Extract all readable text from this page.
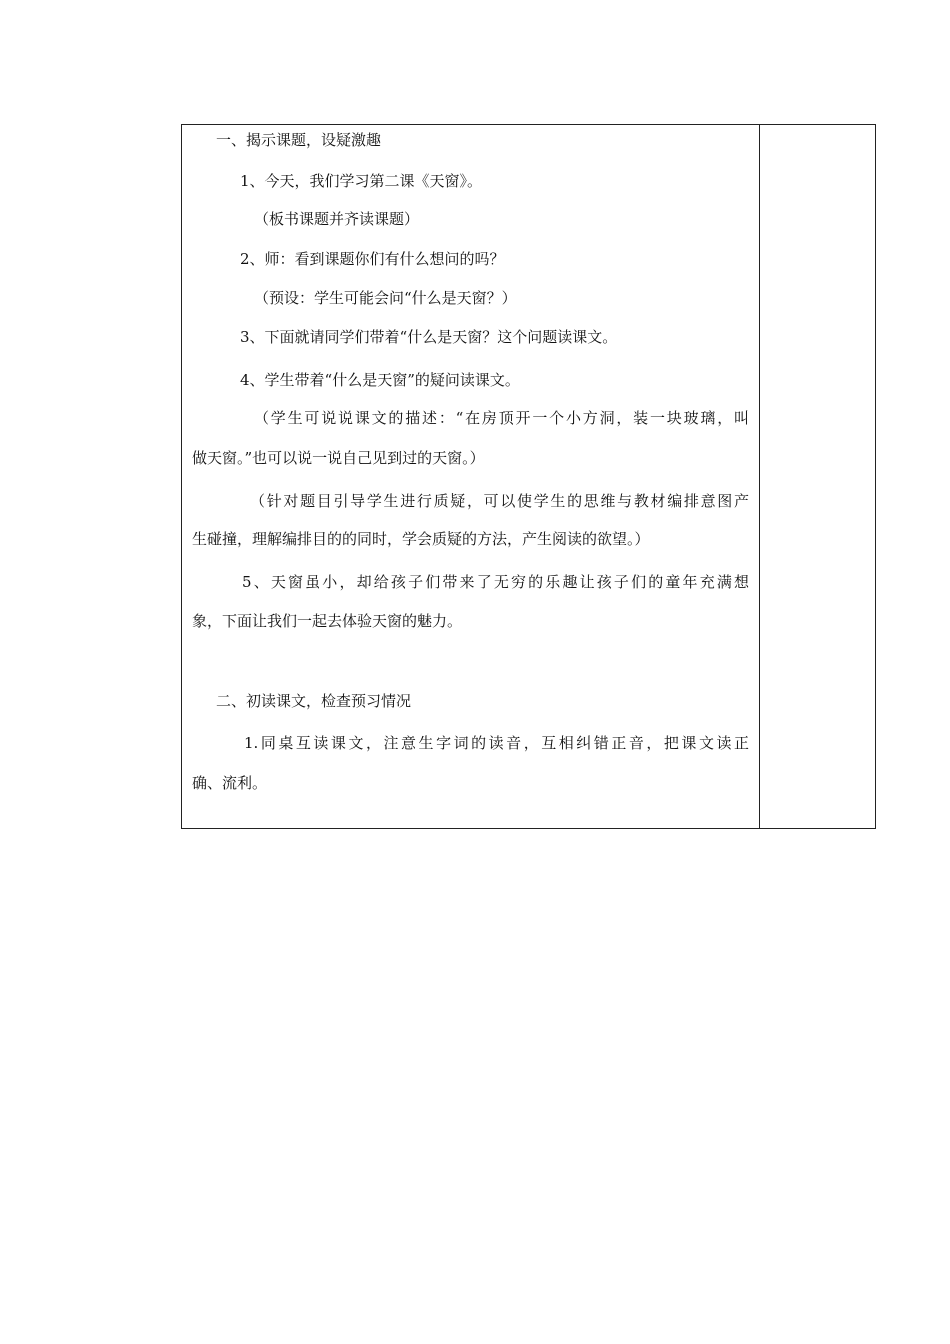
一、揭示课题，设疑激趣
1、今天，我们学习第二课《天窗》。
（板书课题并齐读课题）
2、师：看到课题你们有什么想问的吗？
（预设：学生可能会问“什么是天窗？）
3、下面就请同学们带着“什么是天窗？这个问题读课文。
4、学生带着“什么是天窗”的疑问读课文。
（学生可说说课文的描述：“在房顶开一个小方洞，装一块玻璃，叫
做天窗。”也可以说一说自己见到过的天窗。）
（针对题目引导学生进行质疑，可以使学生的思维与教材编排意图产
生碰撞，理解编排目的的同时，学会质疑的方法，产生阅读的欲望。）
5、天窗虽小，却给孩子们带来了无穷的乐趣让孩子们的童年充满想
象，下面让我们一起去体验天窗的魅力。
二、初读课文，检查预习情况
1.同桌互读课文，注意生字词的读音，互相纠错正音，把课文读正
确、流利。
